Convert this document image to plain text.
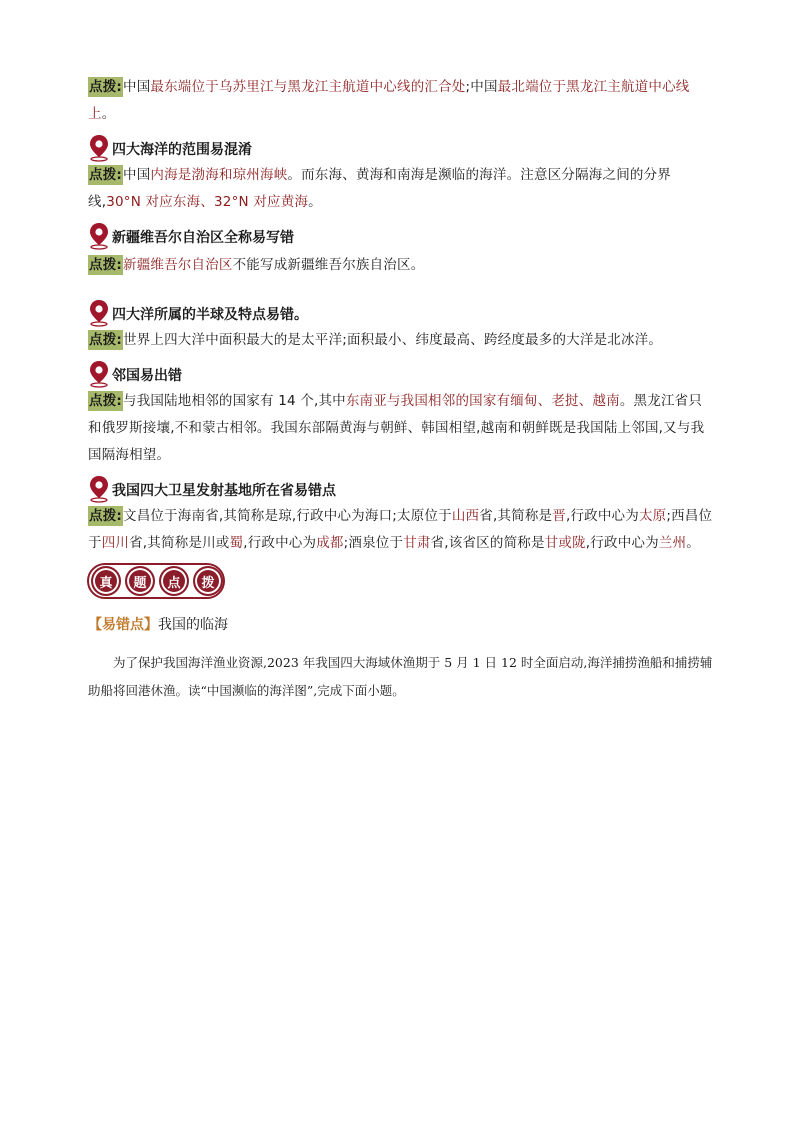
点拨:中国最东端位于乌苏里江与黑龙江主航道中心线的汇合处;中国最北端位于黑龙江主航道中心线上。

四大海洋的范围易混淆

点拨:中国内海是渤海和琼州海峡。而东海、黄海和南海是濒临的海洋。注意区分隔海之间的分界线,30°N 对应东海、32°N 对应黄海。

新疆维吾尔自治区全称易写错

点拨:新疆维吾尔自治区不能写成新疆维吾尔族自治区。

四大洋所属的半球及特点易错。

点拨:世界上四大洋中面积最大的是太平洋;面积最小、纬度最高、跨经度最多的大洋是北冰洋。

邻国易出错

点拨:与我国陆地相邻的国家有 14 个,其中东南亚与我国相邻的国家有缅甸、老挝、越南。黑龙江省只和俄罗斯接壤,不和蒙古相邻。我国东部隔黄海与朝鲜、韩国相望,越南和朝鲜既是我国陆上邻国,又与我国隔海相望。

我国四大卫星发射基地所在省易错点

点拨:文昌位于海南省,其简称是琼,行政中心为海口;太原位于山西省,其简称是晋,行政中心为太原;西昌位于四川省,其简称是川或蜀,行政中心为成都;酒泉位于甘肃省,该省区的简称是甘或陇,行政中心为兰州。

真	题	点	拨
【易错点】我国的临海

为了保护我国海洋渔业资源,2023 年我国四大海域休渔期于 5 月 1 日 12 时全面启动,海洋捕捞渔船和捕捞辅助船将回港休渔。读“中国濒临的海洋图”,完成下面小题。
